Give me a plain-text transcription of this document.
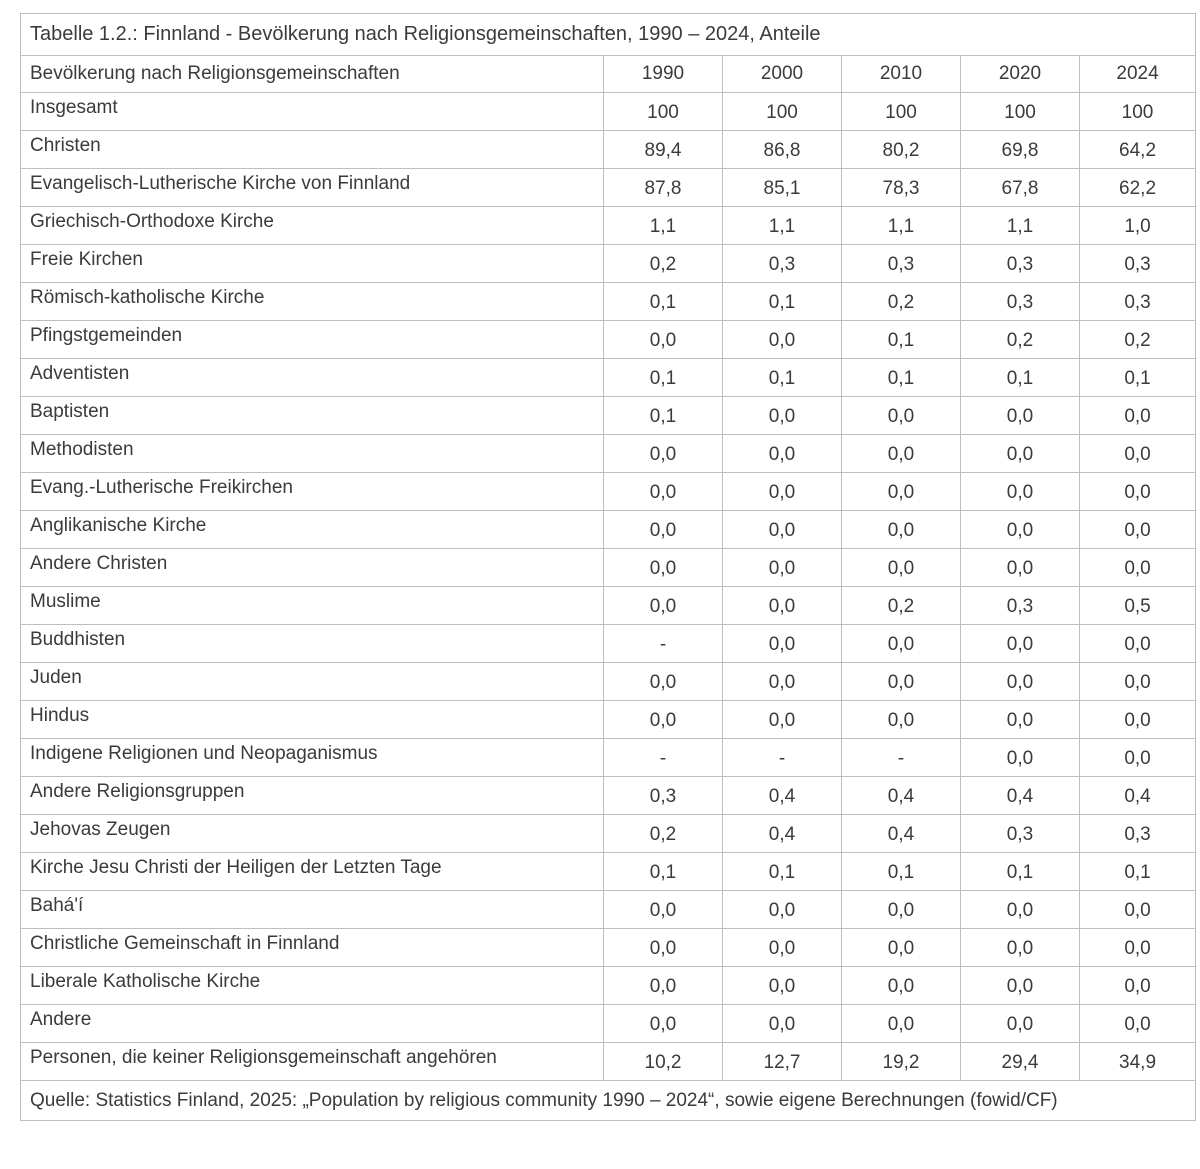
Tabelle 1.2.: Finnland - Bevölkerung nach Religionsgemeinschaften, 1990 – 2024, Anteile					
Bevölkerung nach Religionsgemeinschaften	1990	2000	2010	2020	2024
Insgesamt	100	100	100	100	100
Christen	89,4	86,8	80,2	69,8	64,2
Evangelisch-Lutherische Kirche von Finnland	87,8	85,1	78,3	67,8	62,2
Griechisch-Orthodoxe Kirche	1,1	1,1	1,1	1,1	1,0
Freie Kirchen	0,2	0,3	0,3	0,3	0,3
Römisch-katholische Kirche	0,1	0,1	0,2	0,3	0,3
Pfingstgemeinden	0,0	0,0	0,1	0,2	0,2
Adventisten	0,1	0,1	0,1	0,1	0,1
Baptisten	0,1	0,0	0,0	0,0	0,0
Methodisten	0,0	0,0	0,0	0,0	0,0
Evang.-Lutherische Freikirchen	0,0	0,0	0,0	0,0	0,0
Anglikanische Kirche	0,0	0,0	0,0	0,0	0,0
Andere Christen	0,0	0,0	0,0	0,0	0,0
Muslime	0,0	0,0	0,2	0,3	0,5
Buddhisten	-	0,0	0,0	0,0	0,0
Juden	0,0	0,0	0,0	0,0	0,0
Hindus	0,0	0,0	0,0	0,0	0,0
Indigene Religionen und Neopaganismus	-	-	-	0,0	0,0
Andere Religionsgruppen	0,3	0,4	0,4	0,4	0,4
Jehovas Zeugen	0,2	0,4	0,4	0,3	0,3
Kirche Jesu Christi der Heiligen der Letzten Tage	0,1	0,1	0,1	0,1	0,1
Bahá'í	0,0	0,0	0,0	0,0	0,0
Christliche Gemeinschaft in Finnland	0,0	0,0	0,0	0,0	0,0
Liberale Katholische Kirche	0,0	0,0	0,0	0,0	0,0
Andere	0,0	0,0	0,0	0,0	0,0
Personen, die keiner Religionsgemeinschaft angehören	10,2	12,7	19,2	29,4	34,9
Quelle: Statistics Finland, 2025: „Population by religious community 1990 – 2024“, sowie eigene Berechnungen (fowid/CF)					
